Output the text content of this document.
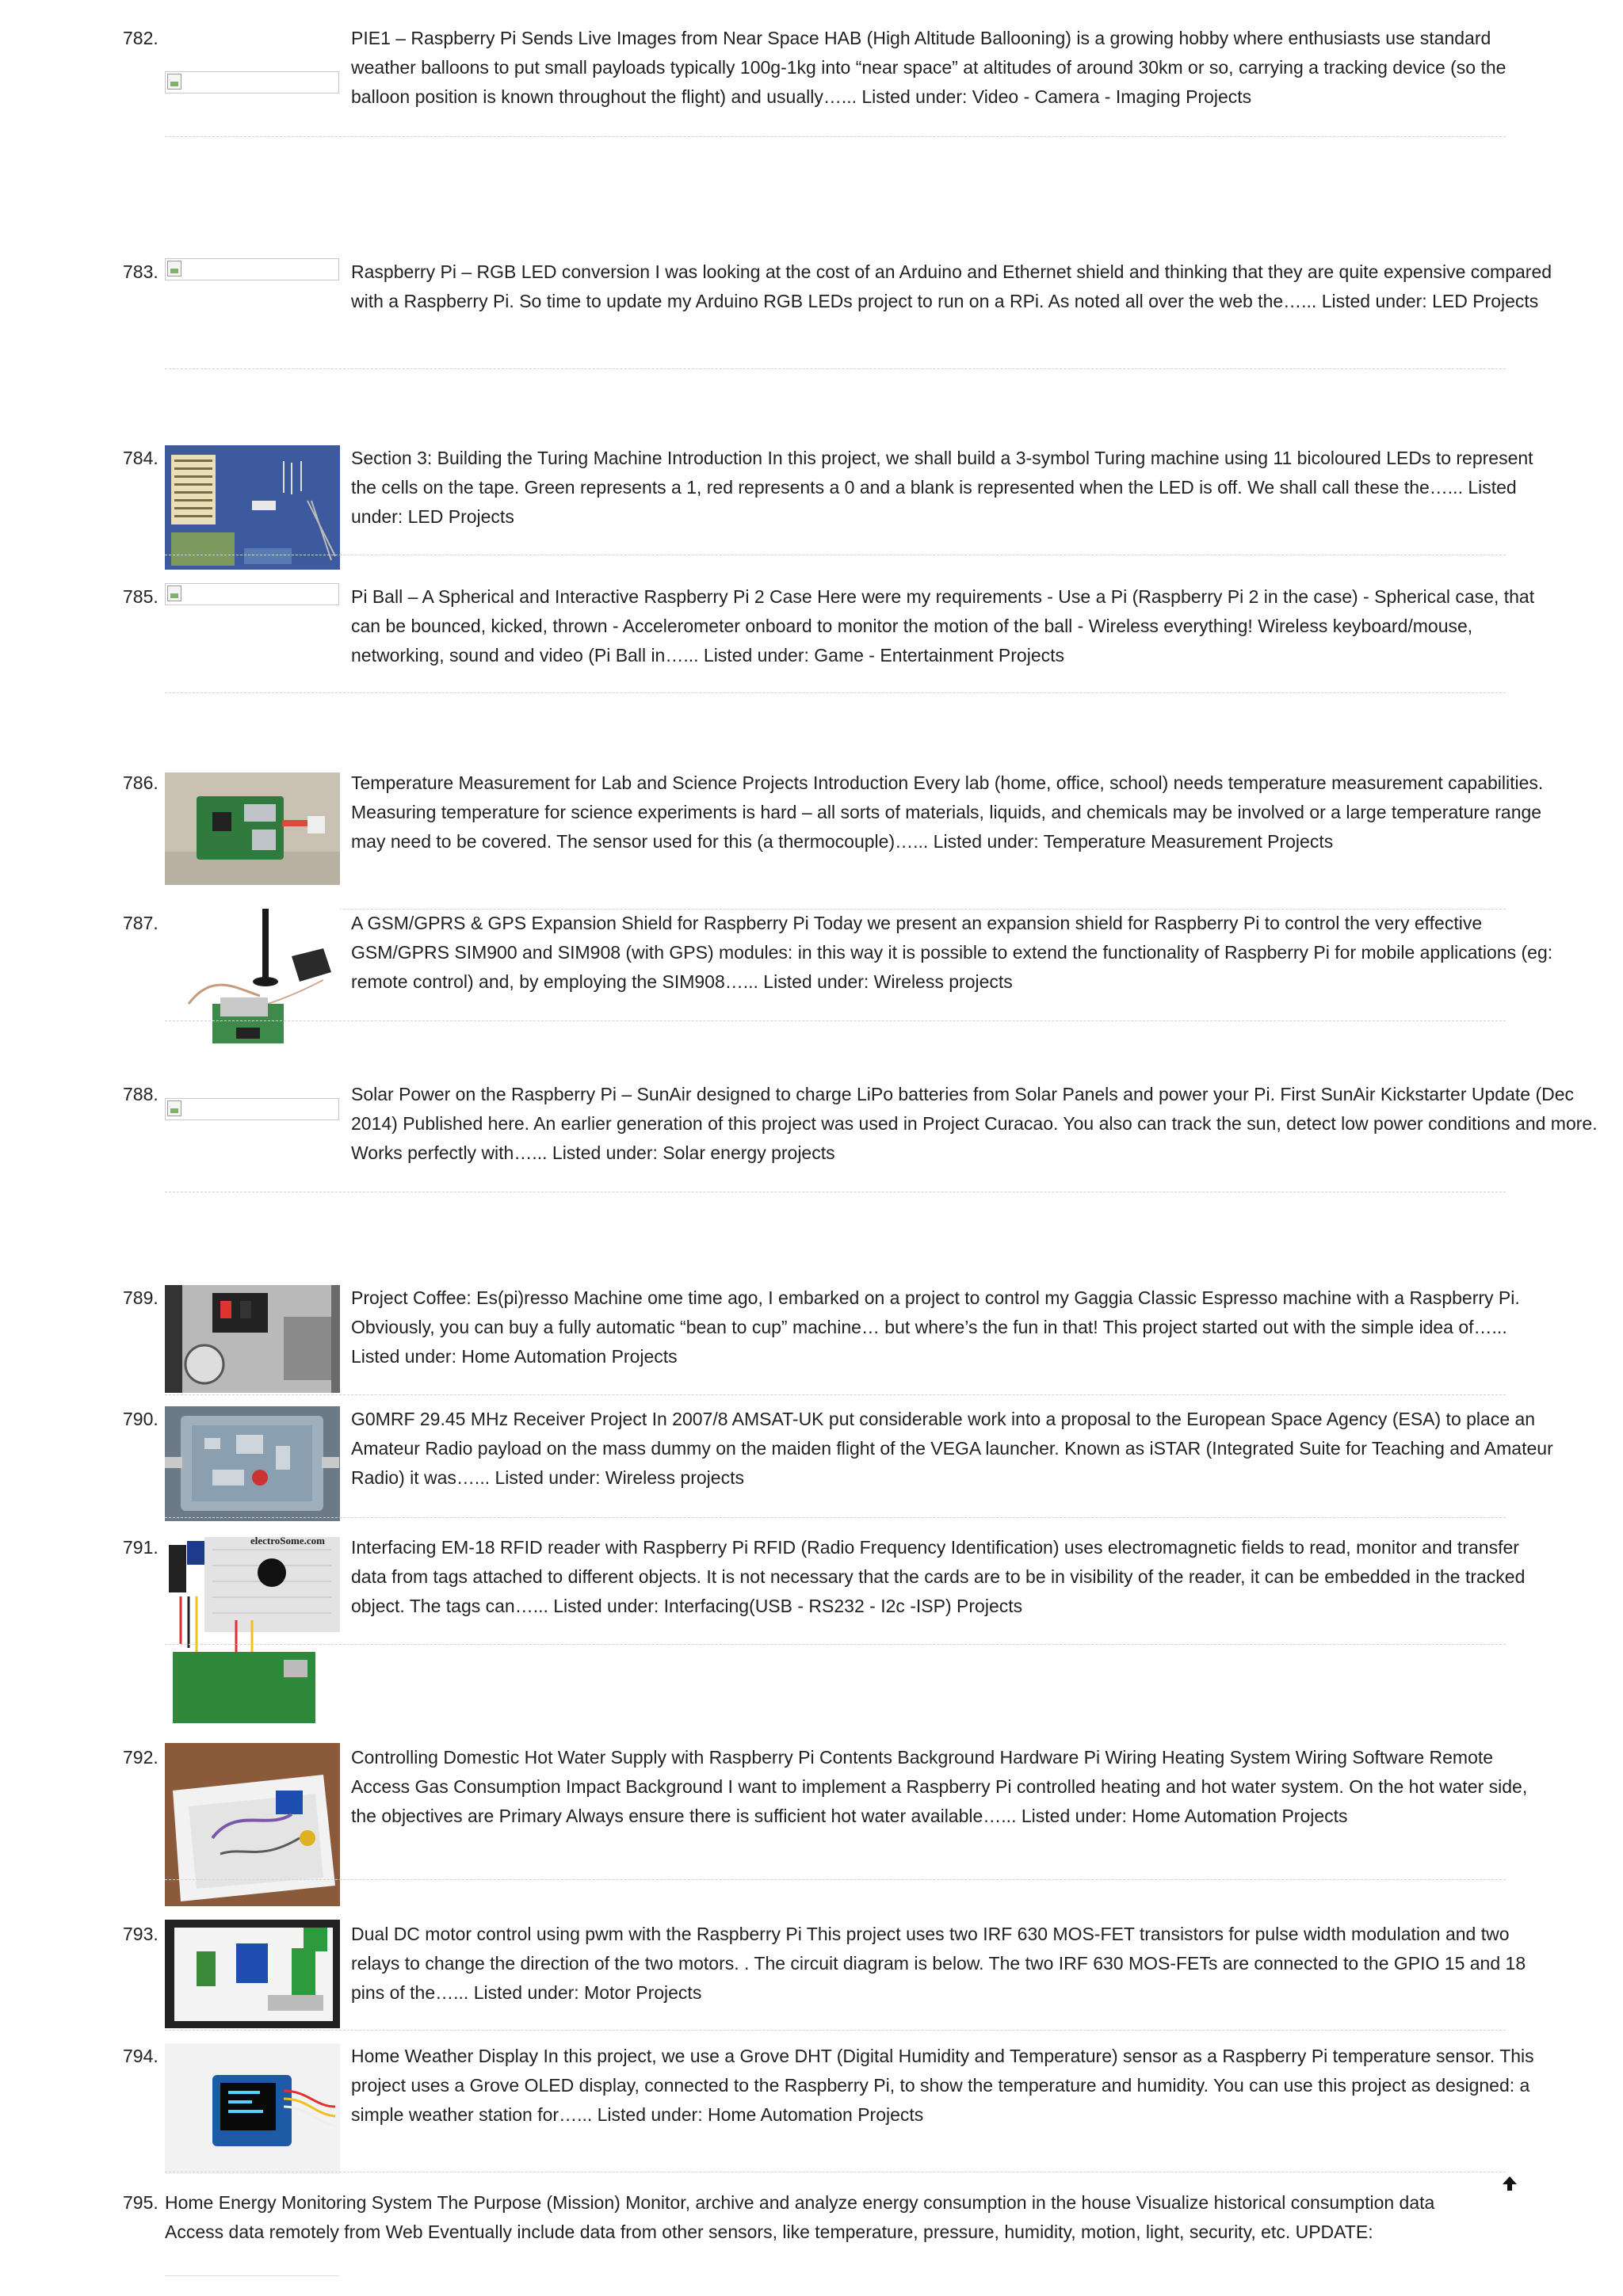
782.	PIE1 – Raspberry Pi Sends Live Images from Near Space HAB (High Altitude Ballooning) is a growing hobby where enthusiasts use standard weather balloons to put small payloads typically 100g-1kg into “near space” at altitudes of around 30km or so, carrying a tracking device (so the balloon position is known throughout the flight) and usually…... Listed under: Video - Camera - Imaging Projects
783.	Raspberry Pi – RGB LED conversion I was looking at the cost of an Arduino and Ethernet shield and thinking that they are quite expensive compared with a Raspberry Pi. So time to update my Arduino RGB LEDs project to run on a RPi. As noted all over the web the…... Listed under: LED Projects
784.	Section 3: Building the Turing Machine Introduction In this project, we shall build a 3-symbol Turing machine using 11 bicoloured LEDs to represent the cells on the tape. Green represents a 1, red represents a 0 and a blank is represented when the LED is off. We shall call these the…... Listed under: LED Projects
785.	Pi Ball – A Spherical and Interactive Raspberry Pi 2 Case Here were my requirements - Use a Pi (Raspberry Pi 2 in the case) - Spherical case, that can be bounced, kicked, thrown - Accelerometer onboard to monitor the motion of the ball - Wireless everything! Wireless keyboard/mouse, networking, sound and video (Pi Ball in…... Listed under: Game - Entertainment Projects
786.	Temperature Measurement for Lab and Science Projects Introduction Every lab (home, office, school) needs temperature measurement capabilities. Measuring temperature for science experiments is hard – all sorts of materials, liquids, and chemicals may be involved or a large temperature range may need to be covered. The sensor used for this (a thermocouple)…... Listed under: Temperature Measurement Projects
787.	A GSM/GPRS & GPS Expansion Shield for Raspberry Pi Today we present an expansion shield for Raspberry Pi to control the very effective GSM/GPRS SIM900 and SIM908 (with GPS) modules: in this way it is possible to extend the functionality of Raspberry Pi for mobile applications (eg: remote control) and, by employing the SIM908…... Listed under: Wireless projects
788.	Solar Power on the Raspberry Pi – SunAir designed to charge LiPo batteries from Solar Panels and power your Pi. First SunAir Kickstarter Update (Dec 2014) Published here. An earlier generation of this project was used in Project Curacao. You also can track the sun, detect low power conditions and more. Works perfectly with…... Listed under: Solar energy projects
789.	Project Coffee: Es(pi)resso Machine ome time ago, I embarked on a project to control my Gaggia Classic Espresso machine with a Raspberry Pi. Obviously, you can buy a fully automatic “bean to cup” machine… but where’s the fun in that! This project started out with the simple idea of…... Listed under: Home Automation Projects
790.	G0MRF 29.45 MHz Receiver Project In 2007/8 AMSAT-UK put considerable work into a proposal to the European Space Agency (ESA) to place an Amateur Radio payload on the mass dummy on the maiden flight of the VEGA launcher. Known as iSTAR (Integrated Suite for Teaching and Amateur Radio) it was…... Listed under: Wireless projects
791.	electroSome.com Interfacing EM-18 RFID reader with Raspberry Pi RFID (Radio Frequency Identification) uses electromagnetic fields to read, monitor and transfer data from tags attached to different objects. It is not necessary that the cards are to be in visibility of the reader, it can be embedded in the tracked object. The tags can…... Listed under: Interfacing(USB - RS232 - I2c -ISP) Projects
792.	Controlling Domestic Hot Water Supply with Raspberry Pi Contents Background Hardware Pi Wiring Heating System Wiring Software Remote Access Gas Consumption Impact Background I want to implement a Raspberry Pi controlled heating and hot water system. On the hot water side, the objectives are Primary Always ensure there is sufficient hot water available…... Listed under: Home Automation Projects
793.	Dual DC motor control using pwm with the Raspberry Pi This project uses two IRF 630 MOS-FET transistors for pulse width modulation and two relays to change the direction of the two motors. . The circuit diagram is below. The two IRF 630 MOS-FETs are connected to the GPIO 15 and 18 pins of the…... Listed under: Motor Projects
794.	Home Weather Display In this project, we use a Grove DHT (Digital Humidity and Temperature) sensor as a Raspberry Pi temperature sensor. This project uses a Grove OLED display, connected to the Raspberry Pi, to show the temperature and humidity. You can use this project as designed: a simple weather station for…... Listed under: Home Automation Projects
795. Home Energy Monitoring System The Purpose (Mission) Monitor, archive and analyze energy consumption in the house Visualize historical consumption data Access data remotely from Web Eventually include data from other sensors, like temperature, pressure, humidity, motion, light, security, etc. UPDATE:
